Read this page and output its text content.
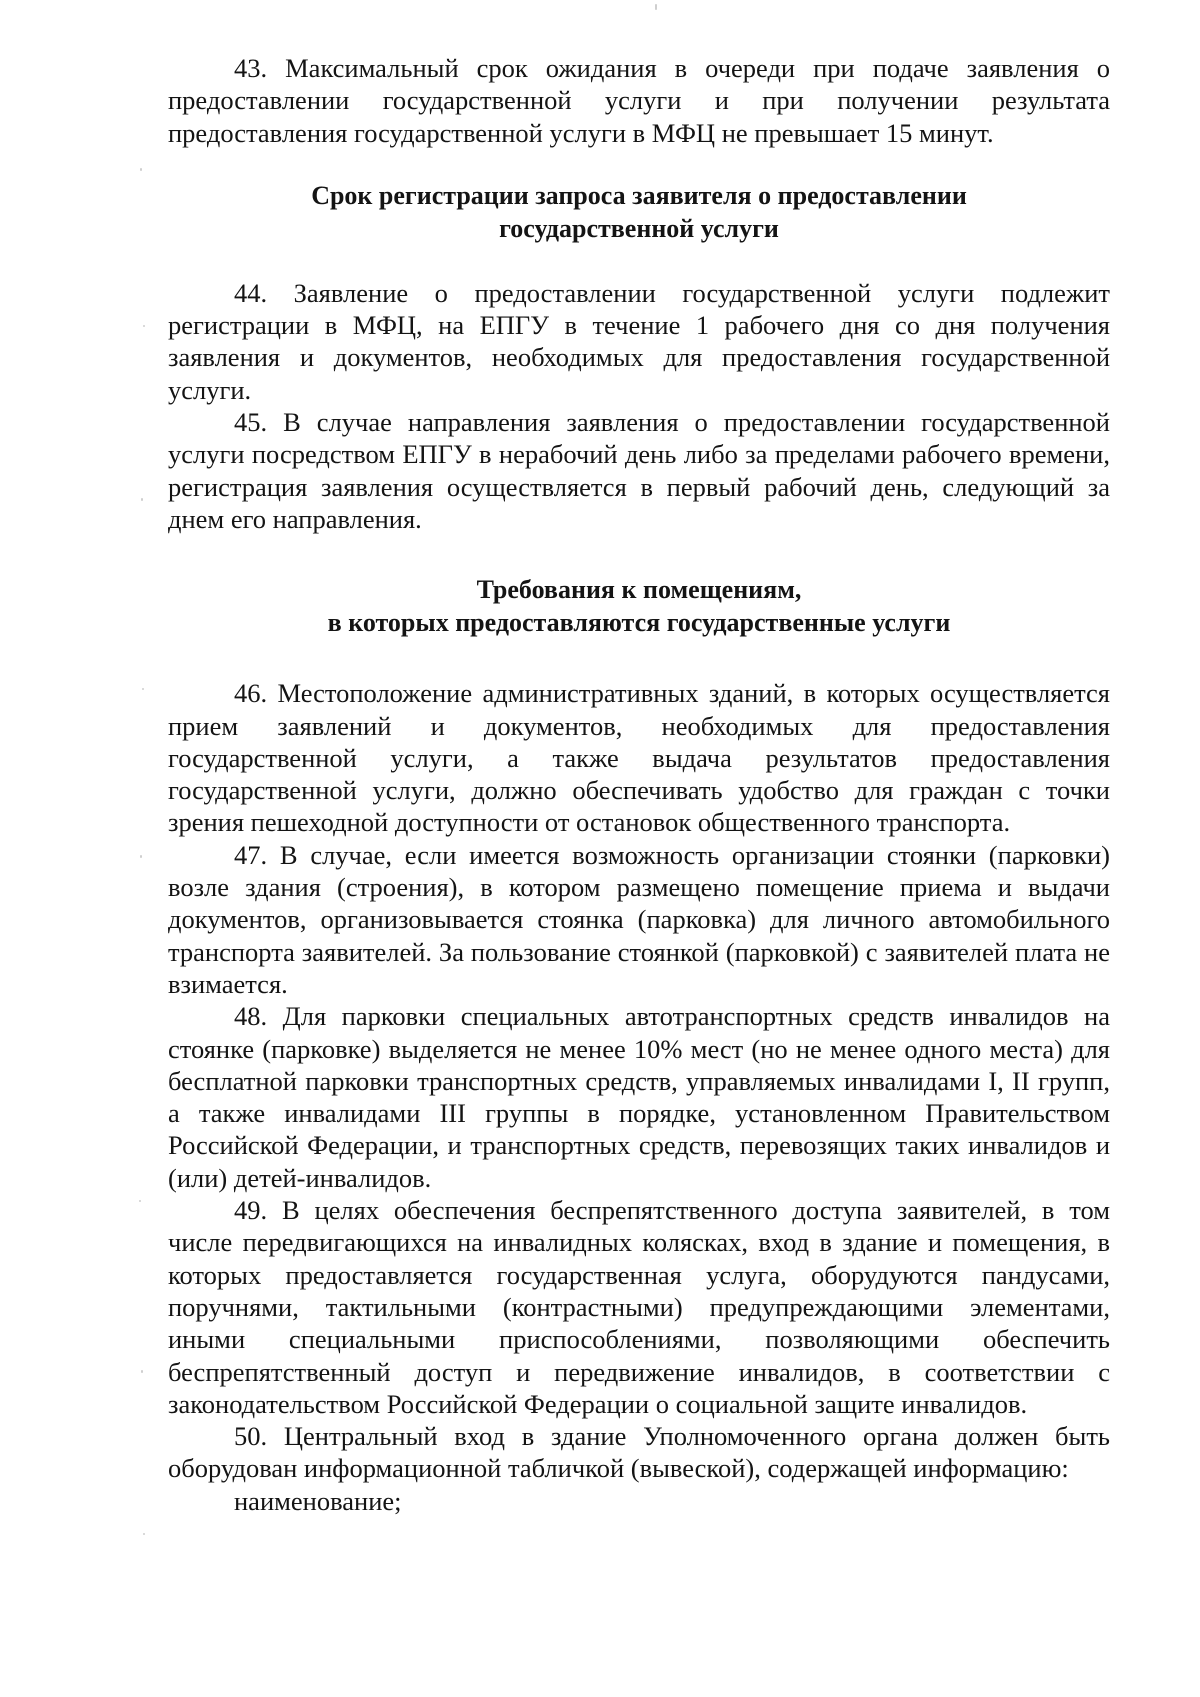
43. Максимальный срок ожидания в очереди при подаче заявления о предоставлении государственной услуги и при получении результата предоставления государственной услуги в МФЦ не превышает 15 минут.

Срок регистрации запроса заявителя о предоставлении
государственной услуги

44. Заявление о предоставлении государственной услуги подлежит регистрации в МФЦ, на ЕПГУ в течение 1 рабочего дня со дня получения заявления и документов, необходимых для предоставления государственной услуги.

45. В случае направления заявления о предоставлении государственной услуги посредством ЕПГУ в нерабочий день либо за пределами рабочего времени, регистрация заявления осуществляется в первый рабочий день, следующий за днем его направления.

Требования к помещениям,
в которых предоставляются государственные услуги

46. Местоположение административных зданий, в которых осуществляется прием заявлений и документов, необходимых для предоставления государственной услуги, а также выдача результатов предоставления государственной услуги, должно обеспечивать удобство для граждан с точки зрения пешеходной доступности от остановок общественного транспорта.

47. В случае, если имеется возможность организации стоянки (парковки) возле здания (строения), в котором размещено помещение приема и выдачи документов, организовывается стоянка (парковка) для личного автомобильного транспорта заявителей. За пользование стоянкой (парковкой) с заявителей плата не взимается.

48. Для парковки специальных автотранспортных средств инвалидов на стоянке (парковке) выделяется не менее 10% мест (но не менее одного места) для бесплатной парковки транспортных средств, управляемых инвалидами I, II групп, а также инвалидами III группы в порядке, установленном Правительством Российской Федерации, и транспортных средств, перевозящих таких инвалидов и (или) детей-инвалидов.

49. В целях обеспечения беспрепятственного доступа заявителей, в том числе передвигающихся на инвалидных колясках, вход в здание и помещения, в которых предоставляется государственная услуга, оборудуются пандусами, поручнями, тактильными (контрастными) предупреждающими элементами, иными специальными приспособлениями, позволяющими обеспечить беспрепятственный доступ и передвижение инвалидов, в соответствии с законодательством Российской Федерации о социальной защите инвалидов.

50. Центральный вход в здание Уполномоченного органа должен быть оборудован информационной табличкой (вывеской), содержащей информацию:

наименование;
